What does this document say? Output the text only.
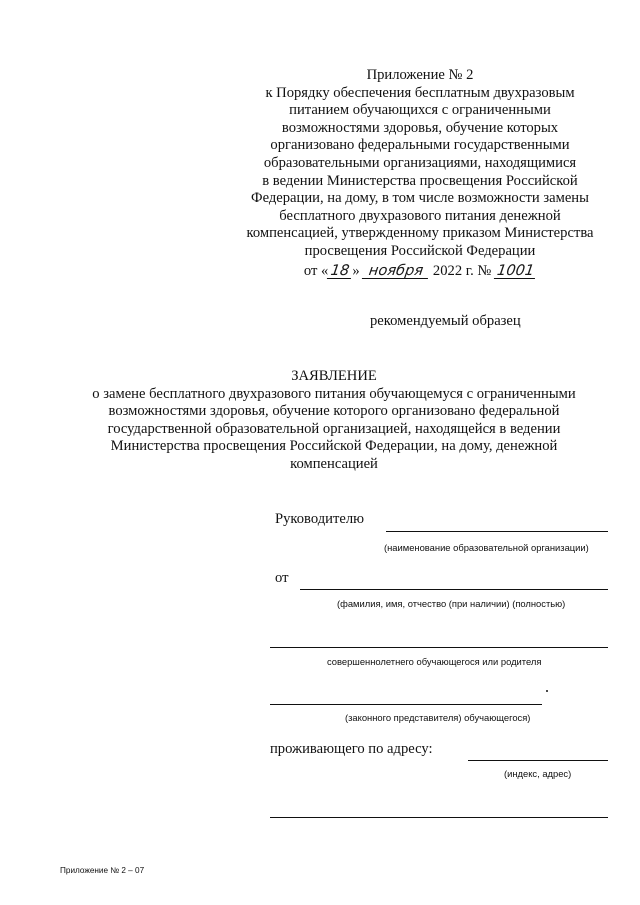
Приложение № 2
к Порядку обеспечения бесплатным двухразовым
питанием обучающихся с ограниченными
возможностями здоровья, обучение которых
организовано федеральными государственными
образовательными организациями, находящимися
в ведении Министерства просвещения Российской
Федерации, на дому, в том числе возможности замены
бесплатного двухразового питания денежной
компенсацией, утвержденному приказом Министерства
просвещения Российской Федерации
от « 18» ноября 2022 г. № 1001
рекомендуемый образец
ЗАЯВЛЕНИЕ
о замене бесплатного двухразового питания обучающемуся с ограниченными
возможностями здоровья, обучение которого организовано федеральной
государственной образовательной организацией, находящейся в ведении
Министерства просвещения Российской Федерации, на дому, денежной
компенсацией
Руководителю
(наименование образовательной организации)
от
(фамилия, имя, отчество (при наличии) (полностью)
совершеннолетнего обучающегося или родителя
(законного представителя) обучающегося)
проживающего по адресу:
(индекс, адрес)
Приложение № 2 – 07
